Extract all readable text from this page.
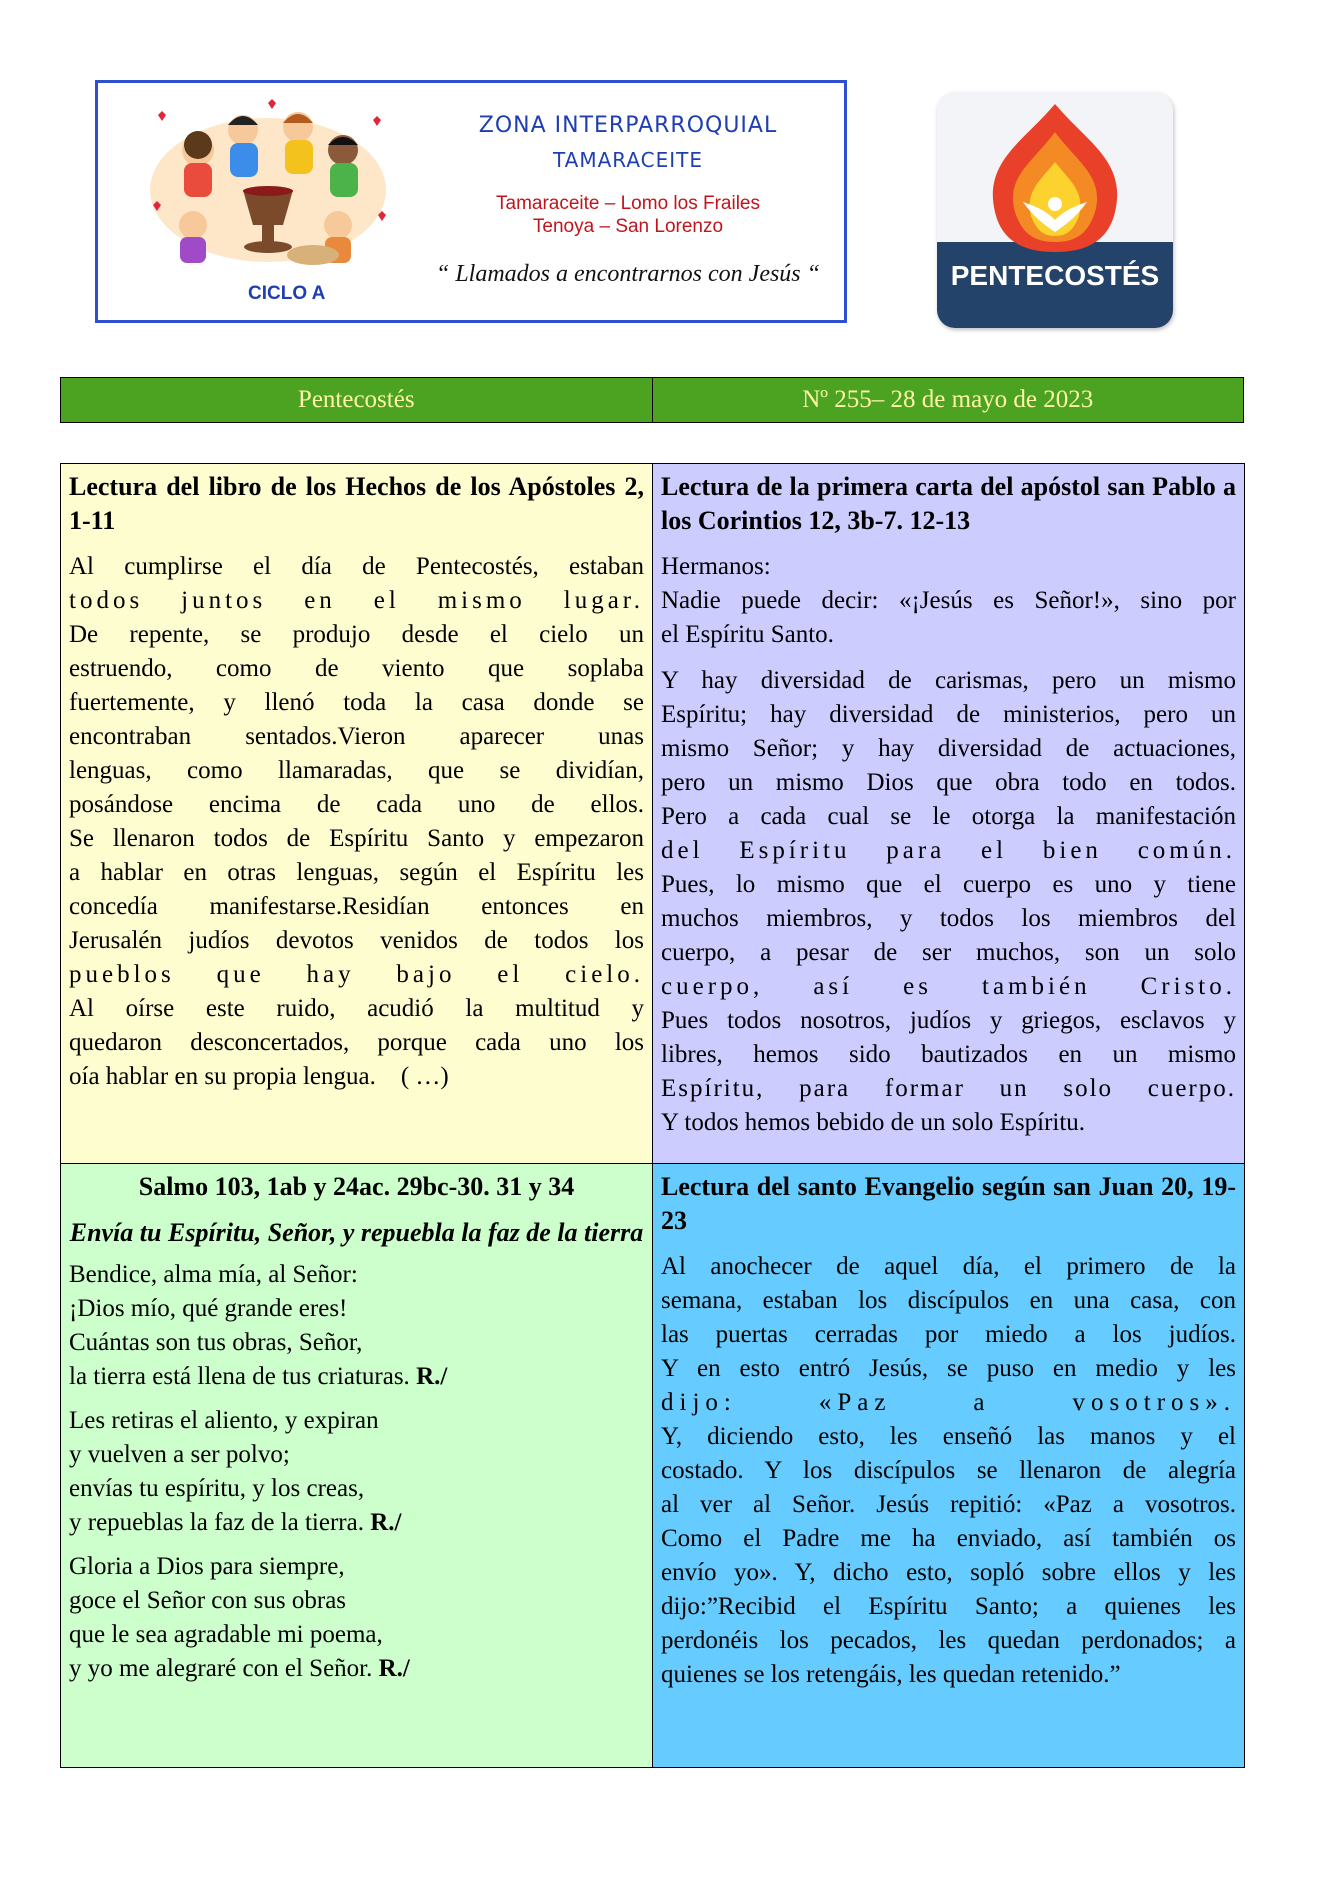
ZONA INTERPARROQUIAL
TAMARACEITE
Tamaraceite – Lomo los Frailes
Tenoya – San Lorenzo
“ Llamados a encontrarnos con Jesús “
CICLO A
PENTECOSTÉS
Pentecostés	Nº 255– 28 de mayo de 2023

Lectura del libro de los Hechos de los Apóstoles 2, 1-11

Al cumplirse el día de Pentecostés, estaban

todos juntos en el mismo lugar.

De repente, se produjo desde el cielo un

estruendo, como de viento que soplaba

fuertemente, y llenó toda la casa donde se

encontraban sentados.Vieron aparecer unas

lenguas, como llamaradas, que se dividían,

posándose encima de cada uno de ellos.

Se llenaron todos de Espíritu Santo y empezaron

a hablar en otras lenguas, según el Espíritu les

concedía manifestarse.Residían entonces en

Jerusalén judíos devotos venidos de todos los

pueblos que hay bajo el cielo.

Al oírse este ruido, acudió la multitud y

quedaron desconcertados, porque cada uno los

oía hablar en su propia lengua.    ( …)

Lectura de la primera carta del apóstol san Pablo a los Corintios 12, 3b-7. 12-13

Hermanos:

Nadie puede decir: «¡Jesús es Señor!», sino por

el Espíritu Santo.

Y hay diversidad de carismas, pero un mismo

Espíritu; hay diversidad de ministerios, pero un

mismo Señor; y hay diversidad de actuaciones,

pero un mismo Dios que obra todo en todos.

Pero a cada cual se le otorga la manifestación

del Espíritu para el bien común.

Pues, lo mismo que el cuerpo es uno y tiene

muchos miembros, y todos los miembros del

cuerpo, a pesar de ser muchos, son un solo

cuerpo, así es también Cristo.

Pues todos nosotros, judíos y griegos, esclavos y

libres, hemos sido bautizados en un mismo

Espíritu, para formar un solo cuerpo.

Y todos hemos bebido de un solo Espíritu.

Salmo 103, 1ab y 24ac. 29bc-30. 31 y 34

Envía tu Espíritu, Señor, y repuebla la faz de la tierra

Bendice, alma mía, al Señor:
¡Dios mío, qué grande eres!
Cuántas son tus obras, Señor,
la tierra está llena de tus criaturas. R./
Les retiras el aliento, y expiran
y vuelven a ser polvo;
envías tu espíritu, y los creas,
y repueblas la faz de la tierra. R./
Gloria a Dios para siempre,
goce el Señor con sus obras
que le sea agradable mi poema,
y yo me alegraré con el Señor. R./

Lectura del santo Evangelio según san Juan 20, 19-23

Al anochecer de aquel día, el primero de la

semana, estaban los discípulos en una casa, con

las puertas cerradas por miedo a los judíos.

Y en esto entró Jesús, se puso en medio y les

dijo: «Paz a vosotros».

Y, diciendo esto, les enseñó las manos y el

costado. Y los discípulos se llenaron de alegría

al ver al Señor. Jesús repitió: «Paz a vosotros.

Como el Padre me ha enviado, así también os

envío yo». Y, dicho esto, sopló sobre ellos y les

dijo:”Recibid el Espíritu Santo; a quienes les

perdonéis los pecados, les quedan perdonados; a

quienes se los retengáis, les quedan retenido.”
